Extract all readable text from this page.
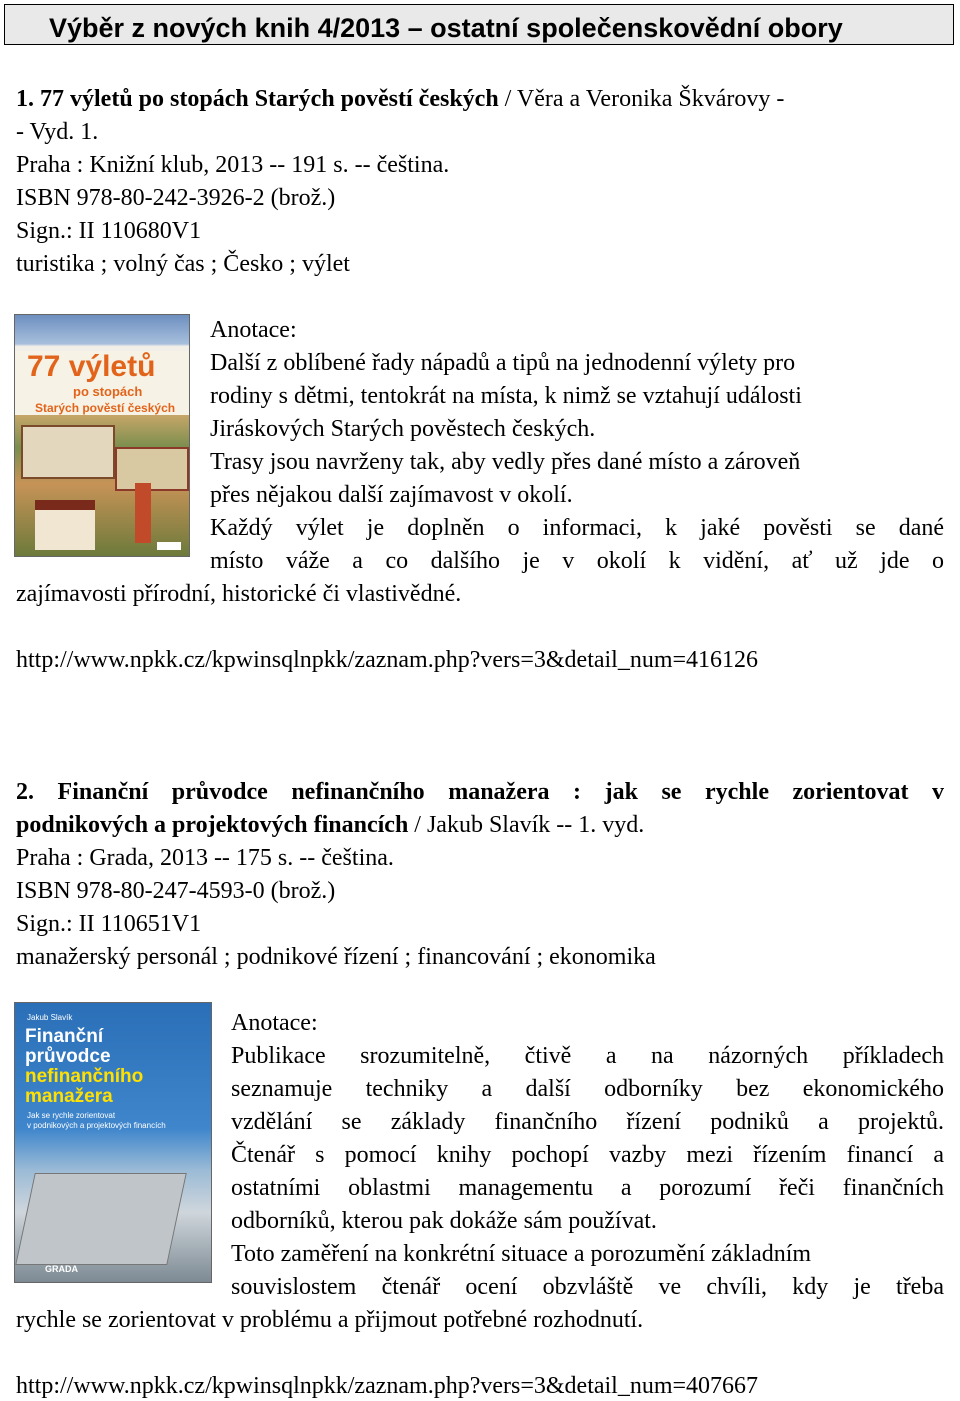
Výběr z nových knih 4/2013 – ostatní společenskovědní obory
1. 77 výletů po stopách Starých pověstí českých / Věra a Veronika Škvárovy -
- Vyd. 1.
Praha : Knižní klub, 2013 -- 191 s. -- čeština.
ISBN 978-80-242-3926-2 (brož.)
Sign.: II 110680V1
turistika ; volný čas ; Česko ; výlet
77 výletů
po stopách
Starých pověstí českých
Anotace:
Další z oblíbené řady nápadů a tipů na jednodenní výlety pro
rodiny s dětmi, tentokrát na místa, k nimž se vztahují události
Jiráskových Starých pověstech českých.
Trasy jsou navrženy tak, aby vedly přes dané místo a zároveň
přes nějakou další zajímavost v okolí.
Každý výlet je doplněn o informaci, k jaké pověsti se dané
místo váže a co dalšího je v okolí k vidění, ať už jde o
zajímavosti přírodní, historické či vlastivědné.
http://www.npkk.cz/kpwinsqlnpkk/zaznam.php?vers=3&detail_num=416126
2. Finanční průvodce nefinančního manažera : jak se rychle zorientovat v
podnikových a projektových financích / Jakub Slavík -- 1. vyd.
Praha : Grada, 2013 -- 175 s. -- čeština.
ISBN 978-80-247-4593-0 (brož.)
Sign.: II 110651V1
manažerský personál ; podnikové řízení ; financování ; ekonomika
Jakub Slavík
Finanční
průvodce
nefinančního
manažera
Jak se rychle zorientovat
v podnikových a projektových financích
GRADA
Anotace:
Publikace srozumitelně, čtivě a na názorných příkladech
seznamuje techniky a další odborníky bez ekonomického
vzdělání se základy finančního řízení podniků a projektů.
Čtenář s pomocí knihy pochopí vazby mezi řízením financí a
ostatními oblastmi managementu a porozumí řeči finančních
odborníků, kterou pak dokáže sám používat.
Toto zaměření na konkrétní situace a porozumění základním
souvislostem čtenář ocení obzvláště ve chvíli, kdy je třeba
rychle se zorientovat v problému a přijmout potřebné rozhodnutí.
http://www.npkk.cz/kpwinsqlnpkk/zaznam.php?vers=3&detail_num=407667
